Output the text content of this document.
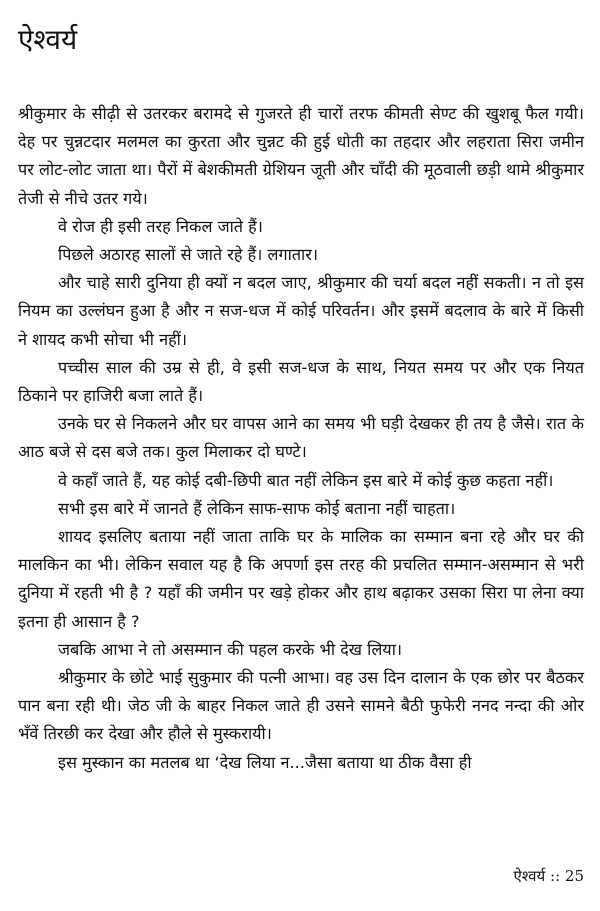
ऐश्वर्य

श्रीकुमार के सीढ़ी से उतरकर बरामदे से गुजरते ही चारों तरफ कीमती सेण्ट की खुशबू फैल गयी। देह पर चुन्नटदार मलमल का कुरता और चुन्नट की हुई धोती का तहदार और लहराता सिरा जमीन पर लोट-लोट जाता था। पैरों में बेशकीमती ग्रेशियन जूती और चाँदी की मूठवाली छड़ी थामे श्रीकुमार तेजी से नीचे उतर गये।

वे रोज ही इसी तरह निकल जाते हैं।

पिछले अठारह सालों से जाते रहे हैं। लगातार।

और चाहे सारी दुनिया ही क्यों न बदल जाए, श्रीकुमार की चर्या बदल नहीं सकती। न तो इस नियम का उल्लंघन हुआ है और न सज-धज में कोई परिवर्तन। और इसमें बदलाव के बारे में किसी ने शायद कभी सोचा भी नहीं।

पच्चीस साल की उम्र से ही, वे इसी सज-धज के साथ, नियत समय पर और एक नियत ठिकाने पर हाजिरी बजा लाते हैं।

उनके घर से निकलने और घर वापस आने का समय भी घड़ी देखकर ही तय है जैसे। रात के आठ बजे से दस बजे तक। कुल मिलाकर दो घण्टे।

वे कहाँ जाते हैं, यह कोई दबी-छिपी बात नहीं लेकिन इस बारे में कोई कुछ कहता नहीं।

सभी इस बारे में जानते हैं लेकिन साफ-साफ कोई बताना नहीं चाहता।

शायद इसलिए बताया नहीं जाता ताकि घर के मालिक का सम्मान बना रहे और घर की मालकिन का भी। लेकिन सवाल यह है कि अपर्णा इस तरह की प्रचलित सम्मान-असम्मान से भरी दुनिया में रहती भी है ? यहाँ की जमीन पर खड़े होकर और हाथ बढ़ाकर उसका सिरा पा लेना क्या इतना ही आसान है ?

जबकि आभा ने तो असम्मान की पहल करके भी देख लिया।

श्रीकुमार के छोटे भाई सुकुमार की पत्नी आभा। वह उस दिन दालान के एक छोर पर बैठकर पान बना रही थी। जेठ जी के बाहर निकल जाते ही उसने सामने बैठी फुफेरी ननद नन्दा की ओर भँवें तिरछी कर देखा और हौले से मुस्करायी।

इस मुस्कान का मतलब था ‘देख लिया न...जैसा बताया था ठीक वैसा ही

ऐश्वर्य :: 25
